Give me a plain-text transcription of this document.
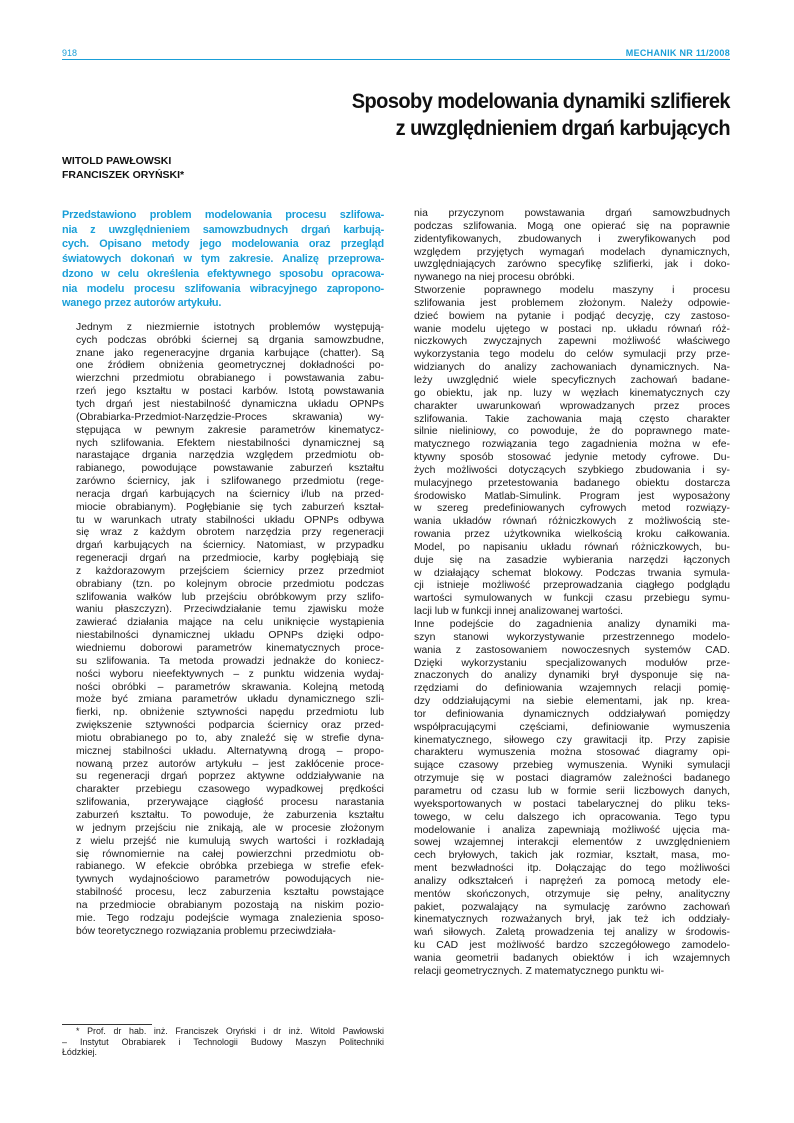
918	MECHANIK NR 11/2008
Sposoby modelowania dynamiki szlifierek
z uwzględnieniem drgań karbujących
WITOLD PAWŁOWSKI
FRANCISZEK ORYŃSKI*

Przedstawiono problem modelowania procesu szlifowa-
nia z uwzględnieniem samowzbudnych drgań karbują-
cych. Opisano metody jego modelowania oraz przegląd
światowych dokonań w tym zakresie. Analizę przeprowa-
dzono w celu określenia efektywnego sposobu opracowa-
nia modelu procesu szlifowania wibracyjnego zapropono-
wanego przez autorów artykułu.

Jednym z niezmiernie istotnych problemów występują-
cych podczas obróbki ściernej są drgania samowzbudne,
znane jako regeneracyjne drgania karbujące (chatter). Są
one źródłem obniżenia geometrycznej dokładności po-
wierzchni przedmiotu obrabianego i powstawania zabu-
rzeń jego kształtu w postaci karbów. Istotą powstawania
tych drgań jest niestabilność dynamiczna układu OPNPs
(Obrabiarka-Przedmiot-Narzędzie-Proces skrawania) wy-
stępująca w pewnym zakresie parametrów kinematycz-
nych szlifowania. Efektem niestabilności dynamicznej są
narastające drgania narzędzia względem przedmiotu ob-
rabianego, powodujące powstawanie zaburzeń kształtu
zarówno ściernicy, jak i szlifowanego przedmiotu (rege-
neracja drgań karbujących na ściernicy i/lub na przed-
miocie obrabianym). Pogłębianie się tych zaburzeń kształ-
tu w warunkach utraty stabilności układu OPNPs odbywa
się wraz z każdym obrotem narzędzia przy regeneracji
drgań karbujących na ściernicy. Natomiast, w przypadku
regeneracji drgań na przedmiocie, karby pogłębiają się
z każdorazowym przejściem ściernicy przez przedmiot
obrabiany (tzn. po kolejnym obrocie przedmiotu podczas
szlifowania wałków lub przejściu obróbkowym przy szlifo-
waniu płaszczyzn). Przeciwdziałanie temu zjawisku może
zawierać działania mające na celu uniknięcie wystąpienia
niestabilności dynamicznej układu OPNPs dzięki odpo-
wiedniemu doborowi parametrów kinematycznych proce-
su szlifowania. Ta metoda prowadzi jednakże do koniecz-
ności wyboru nieefektywnych – z punktu widzenia wydaj-
ności obróbki – parametrów skrawania. Kolejną metodą
może być zmiana parametrów układu dynamicznego szli-
fierki, np. obniżenie sztywności napędu przedmiotu lub
zwiększenie sztywności podparcia ściernicy oraz przed-
miotu obrabianego po to, aby znaleźć się w strefie dyna-
micznej stabilności układu. Alternatywną drogą – propo-
nowaną przez autorów artykułu – jest zakłócenie proce-
su regeneracji drgań poprzez aktywne oddziaływanie na
charakter przebiegu czasowego wypadkowej prędkości
szlifowania, przerywające ciągłość procesu narastania
zaburzeń kształtu. To powoduje, że zaburzenia kształtu
w jednym przejściu nie znikają, ale w procesie złożonym
z wielu przejść nie kumulują swych wartości i rozkładają
się równomiernie na całej powierzchni przedmiotu ob-
rabianego. W efekcie obróbka przebiega w strefie efek-
tywnych wydajnościowo parametrów powodujących nie-
stabilność procesu, lecz zaburzenia kształtu powstające
na przedmiocie obrabianym pozostają na niskim pozio-
mie. Tego rodzaju podejście wymaga znalezienia sposo-
bów teoretycznego rozwiązania problemu przeciwdziała-

nia przyczynom powstawania drgań samowzbudnych
podczas szlifowania. Mogą one opierać się na poprawnie
zidentyfikowanych, zbudowanych i zweryfikowanych pod
względem przyjętych wymagań modelach dynamicznych,
uwzględniających zarówno specyfikę szlifierki, jak i doko-
nywanego na niej procesu obróbki.

Stworzenie poprawnego modelu maszyny i procesu
szlifowania jest problemem złożonym. Należy odpowie-
dzieć bowiem na pytanie i podjąć decyzję, czy zastoso-
wanie modelu ujętego w postaci np. układu równań róż-
niczkowych zwyczajnych zapewni możliwość właściwego
wykorzystania tego modelu do celów symulacji przy prze-
widzianych do analizy zachowaniach dynamicznych. Na-
leży uwzględnić wiele specyficznych zachowań badane-
go obiektu, jak np. luzy w węzłach kinematycznych czy
charakter uwarunkowań wprowadzanych przez proces
szlifowania. Takie zachowania mają często charakter
silnie nieliniowy, co powoduje, że do poprawnego mate-
matycznego rozwiązania tego zagadnienia można w efe-
ktywny sposób stosować jedynie metody cyfrowe. Du-
żych możliwości dotyczących szybkiego zbudowania i sy-
mulacyjnego przetestowania badanego obiektu dostarcza
środowisko Matlab-Simulink. Program jest wyposażony
w szereg predefiniowanych cyfrowych metod rozwiązy-
wania układów równań różniczkowych z możliwością ste-
rowania przez użytkownika wielkością kroku całkowania.
Model, po napisaniu układu równań różniczkowych, bu-
duje się na zasadzie wybierania narzędzi łączonych
w działający schemat blokowy. Podczas trwania symula-
cji istnieje możliwość przeprowadzania ciągłego podglądu
wartości symulowanych w funkcji czasu przebiegu symu-
lacji lub w funkcji innej analizowanej wartości.

Inne podejście do zagadnienia analizy dynamiki ma-
szyn stanowi wykorzystywanie przestrzennego modelo-
wania z zastosowaniem nowoczesnych systemów CAD.
Dzięki wykorzystaniu specjalizowanych modułów prze-
znaczonych do analizy dynamiki brył dysponuje się na-
rzędziami do definiowania wzajemnych relacji pomię-
dzy oddziałującymi na siebie elementami, jak np. krea-
tor definiowania dynamicznych oddziaływań pomiędzy
współpracującymi częściami, definiowanie wymuszenia
kinematycznego, siłowego czy grawitacji itp. Przy zapisie
charakteru wymuszenia można stosować diagramy opi-
sujące czasowy przebieg wymuszenia. Wyniki symulacji
otrzymuje się w postaci diagramów zależności badanego
parametru od czasu lub w formie serii liczbowych danych,
wyeksportowanych w postaci tabelarycznej do pliku teks-
towego, w celu dalszego ich opracowania. Tego typu
modelowanie i analiza zapewniają możliwość ujęcia ma-
sowej wzajemnej interakcji elementów z uwzględnieniem
cech bryłowych, takich jak rozmiar, kształt, masa, mo-
ment bezwładności itp. Dołączając do tego możliwości
analizy odkształceń i naprężeń za pomocą metody ele-
mentów skończonych, otrzymuje się pełny, analityczny
pakiet, pozwalający na symulację zarówno zachowań
kinematycznych rozważanych brył, jak też ich oddziały-
wań siłowych. Zaletą prowadzenia tej analizy w środowis-
ku CAD jest możliwość bardzo szczegółowego zamodelo-
wania geometrii badanych obiektów i ich wzajemnych
relacji geometrycznych. Z matematycznego punktu wi-

* Prof. dr hab. inż. Franciszek Oryński i dr inż. Witold Pawłowski
– Instytut Obrabiarek i Technologii Budowy Maszyn Politechniki
Łódzkiej.
